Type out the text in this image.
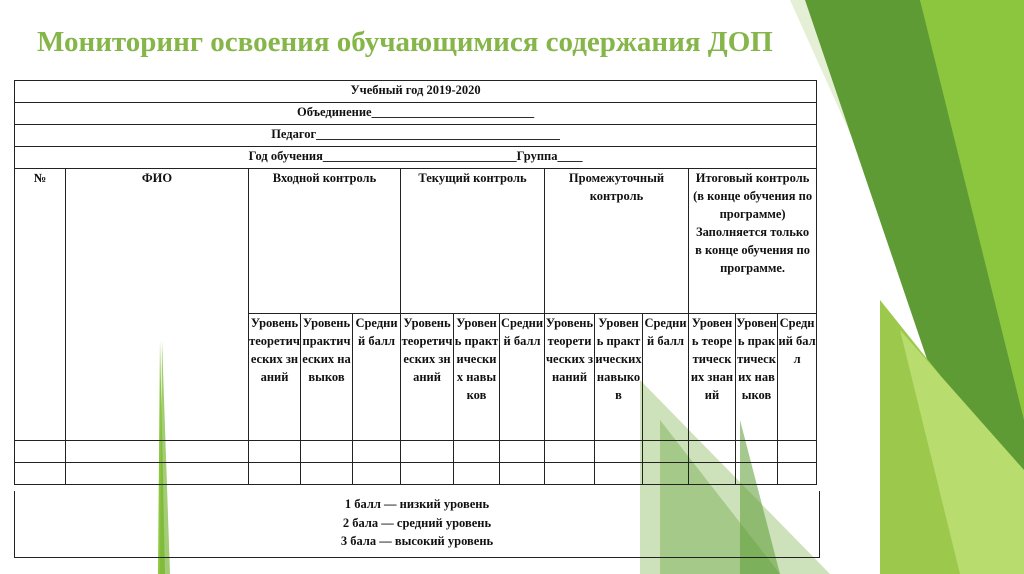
Мониторинг освоения обучающимися содержания ДОП
Учебный год 2019-2020													
Объединение__________________________													
Педагог_______________________________________													
Год обучения_______________________________Группа____													
№	ФИО	Входной контроль			Текущий контроль			Промежуточный контроль			Итоговый контроль (в конце обучения по программе) Заполняется только в конце обучения по программе.		
		Уровень теоретических знаний	Уровень практических навыков	Средний балл	Уровень теоретических знаний	Уровень практических навыков	Средний балл	Уровень теоретических знаний	Уровень практических навыков	Средний балл	Уровень теоретических знаний	Уровень практических навыков	Средний балл

1 балл — низкий уровень
2 бала — средний уровень
3 бала — высокий уровень
